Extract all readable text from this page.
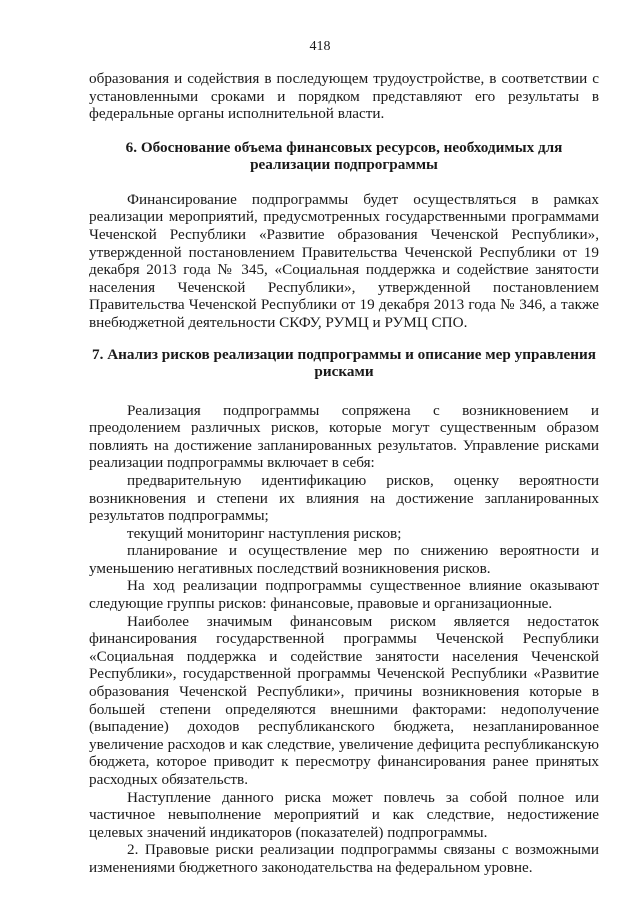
418

образования и содействия в последующем трудоустройстве, в соответствии с установленными сроками и порядком представляют его результаты в федеральные органы исполнительной власти.

6. Обоснование объема финансовых ресурсов, необходимых для реализации подпрограммы

Финансирование подпрограммы будет осуществляться в рамках реализации мероприятий, предусмотренных государственными программами Чеченской Республики «Развитие образования Чеченской Республики», утвержденной постановлением Правительства Чеченской Республики от 19 декабря 2013 года № 345, «Социальная поддержка и содействие занятости населения Чеченской Республики», утвержденной постановлением Правительства Чеченской Республики от 19 декабря 2013 года № 346, а также внебюджетной деятельности СКФУ, РУМЦ и РУМЦ СПО.

7. Анализ рисков реализации подпрограммы и описание мер управления рисками

Реализация подпрограммы сопряжена с возникновением и преодолением различных рисков, которые могут существенным образом повлиять на достижение запланированных результатов. Управление рисками реализации подпрограммы включает в себя:

предварительную идентификацию рисков, оценку вероятности возникновения и степени их влияния на достижение запланированных результатов подпрограммы;

текущий мониторинг наступления рисков;

планирование и осуществление мер по снижению вероятности и уменьшению негативных последствий возникновения рисков.

На ход реализации подпрограммы существенное влияние оказывают следующие группы рисков: финансовые, правовые и организационные.

Наиболее значимым финансовым риском является недостаток финансирования государственной программы Чеченской Республики «Социальная поддержка и содействие занятости населения Чеченской Республики», государственной программы Чеченской Республики «Развитие образования Чеченской Республики», причины возникновения которые в большей степени определяются внешними факторами: недополучение (выпадение) доходов республиканского бюджета, незапланированное увеличение расходов и как следствие, увеличение дефицита республиканскую бюджета, которое приводит к пересмотру финансирования ранее принятых расходных обязательств.

Наступление данного риска может повлечь за собой полное или частичное невыполнение мероприятий и как следствие, недостижение целевых значений индикаторов (показателей) подпрограммы.

2. Правовые риски реализации подпрограммы связаны с возможными изменениями бюджетного законодательства на федеральном уровне.
